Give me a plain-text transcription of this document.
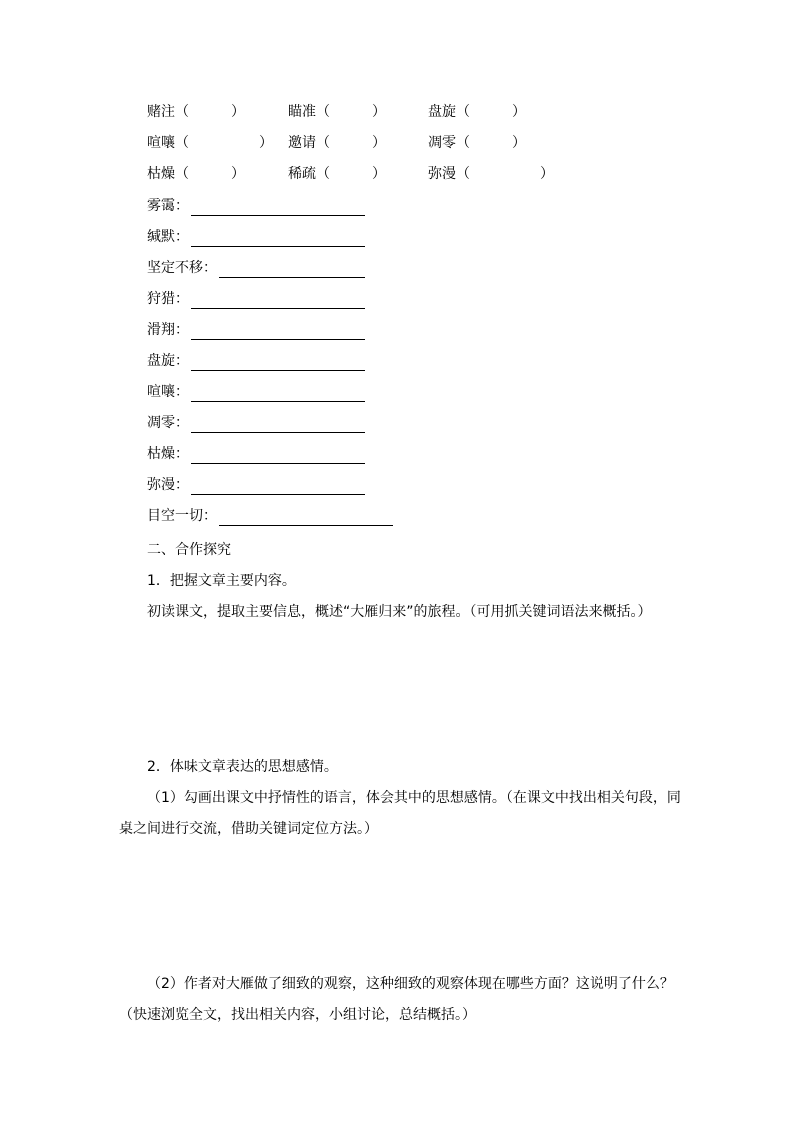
赌注（　　　）	瞄准（　　　）	盘旋（　　　）
喧嚷（　　　　　） 邀请（　　　）	凋零（　　　）
枯燥（　　　）	稀疏（　　　）	弥漫（　　　　　）
雾霭：
缄默：
坚定不移：
狩猎：
滑翔：
盘旋：
喧嚷：
凋零：
枯燥：
弥漫：
目空一切：
二、合作探究
1．把握文章主要内容。
初读课文，提取主要信息，概述“大雁归来”的旅程。（可用抓关键词语法来概括。）
2．体味文章表达的思想感情。
（1）勾画出课文中抒情性的语言，体会其中的思想感情。（在课文中找出相关句段，同
桌之间进行交流，借助关键词定位方法。）
（2）作者对大雁做了细致的观察，这种细致的观察体现在哪些方面？这说明了什么？
（快速浏览全文，找出相关内容，小组讨论，总结概括。）
